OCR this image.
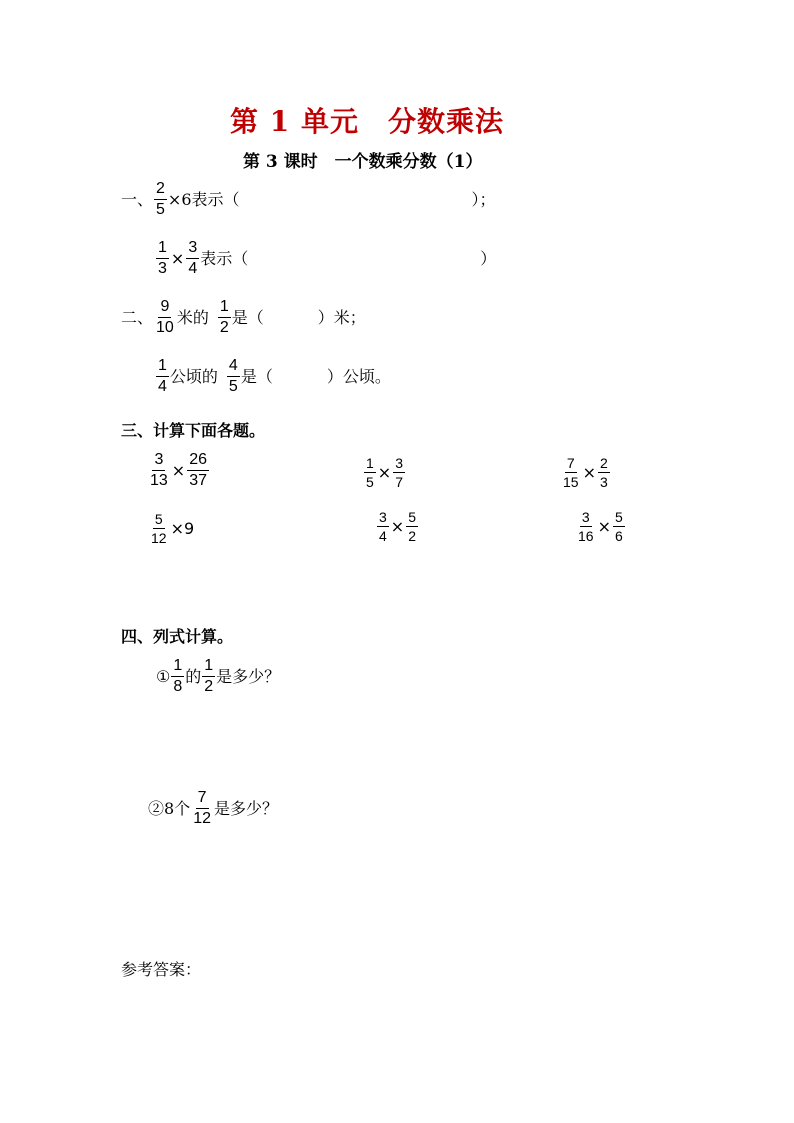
第 1 单元　分数乘法
第 3 课时　一个数乘分数（1）
一、 $\frac{2}{5} \times 6$表示（	）；
$\frac{1}{3} \times \frac{3}{4}$ 表示（	）
二、 $\frac{9}{10}$ 米的 $\frac{1}{2}$ 是（	）米；
$\frac{1}{4}$ 公顷的 $\frac{4}{5}$ 是（	）公顷。
三、计算下面各题。
$\frac{3}{13} \times \frac{26}{37}$	$\frac{1}{5} \times \frac{3}{7}$	$\frac{7}{15} \times \frac{2}{3}$
$\frac{5}{12} \times 9$	$\frac{3}{4} \times \frac{5}{2}$	$\frac{3}{16} \times \frac{5}{6}$
四、列式计算。
① $\frac{1}{8}$ 的 $\frac{1}{2}$ 是多少？
②8个 $\frac{7}{12}$ 是多少？
参考答案：
